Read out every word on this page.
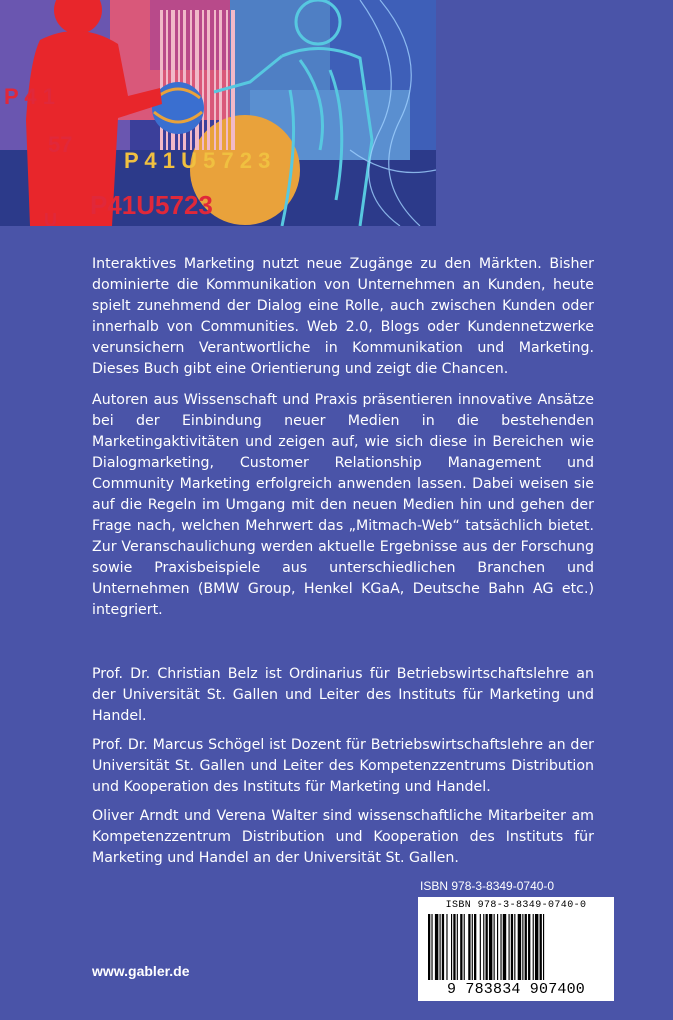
P 4 1
57
P 4 1 U 5 7 2 3
P41U5723
U

Interaktives Marketing nutzt neue Zugänge zu den Märkten. Bisher dominierte die Kommunikation von Unternehmen an Kunden, heute spielt zunehmend der Dialog eine Rolle, auch zwischen Kunden oder innerhalb von Communities. Web 2.0, Blogs oder Kundennetzwerke verunsichern Verantwortliche in Kommunikation und Marketing. Dieses Buch gibt eine Orientierung und zeigt die Chancen.

Autoren aus Wissenschaft und Praxis präsentieren innovative Ansätze bei der Einbindung neuer Medien in die bestehenden Marketingaktivitäten und zeigen auf, wie sich diese in Bereichen wie Dialogmarketing, Customer Relationship Management und Community Marketing erfolgreich anwenden lassen. Dabei weisen sie auf die Regeln im Umgang mit den neuen Medien hin und gehen der Frage nach, welchen Mehrwert das „Mitmach-Web“ tatsächlich bietet. Zur Veranschaulichung werden aktuelle Ergebnisse aus der Forschung sowie Praxisbeispiele aus unterschiedlichen Branchen und Unternehmen (BMW Group, Henkel KGaA, Deutsche Bahn AG etc.) integriert.

Prof. Dr. Christian Belz ist Ordinarius für Betriebswirtschaftslehre an der Universität St. Gallen und Leiter des Instituts für Marketing und Handel.

Prof. Dr. Marcus Schögel ist Dozent für Betriebswirtschaftslehre an der Universität St. Gallen und Leiter des Kompetenzzentrums Distribution und Kooperation des Instituts für Marketing und Handel.

Oliver Arndt und Verena Walter sind wissenschaftliche Mitarbeiter am Kompetenzzentrum Distribution und Kooperation des Instituts für Marketing und Handel an der Universität St. Gallen.

ISBN 978-3-8349-0740-0
ISBN 978-3-8349-0740-0
9 783834 907400
www.gabler.de
